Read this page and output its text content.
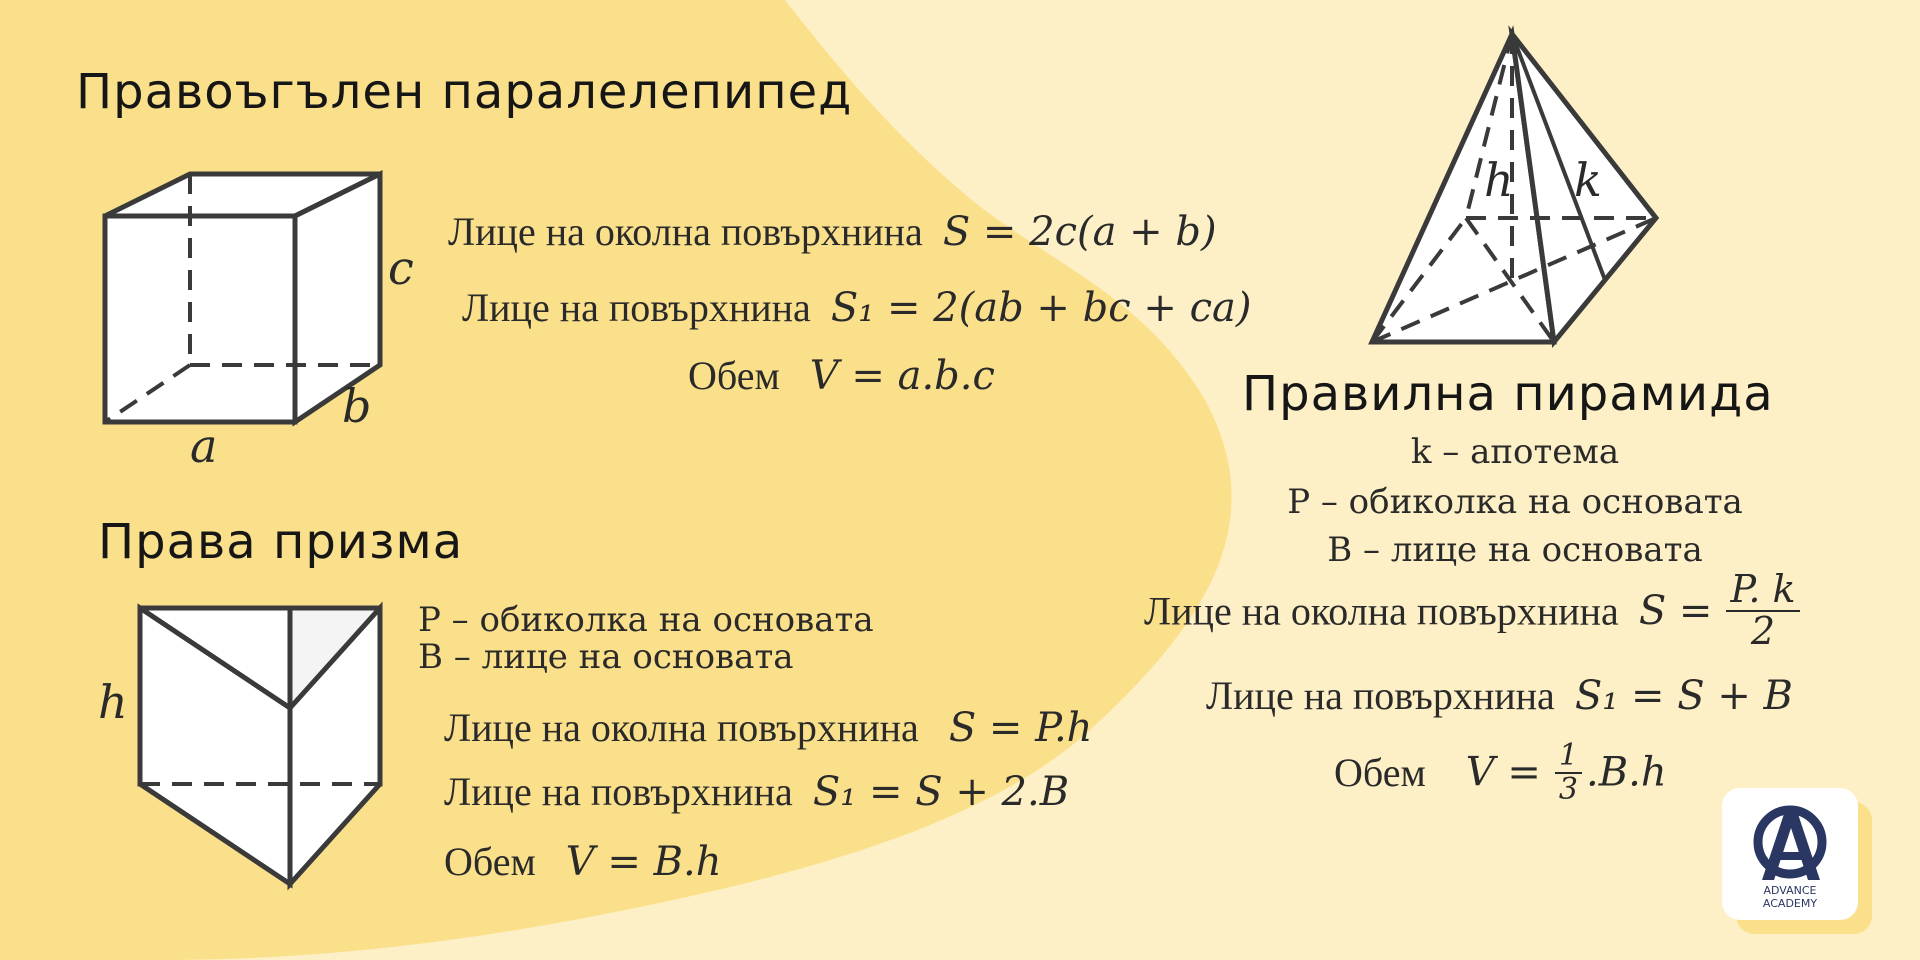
Правоъгълен паралелепипед
a
b
c
Лице на околна повърхнина S = 2c(a + b)
Лице на повърхнина S₁ = 2(ab + bc + ca)
Обем V = a.b.c
Права призма
h
P – обиколка на основата
B – лице на основата
Лице на околна повърхнина S = P.h
Лице на повърхнина S₁ = S + 2.B
Обем V = B.h
h k
Правилна пирамида
k – апотема
P – обиколка на основата
B – лице на основата
Лице на околна повърхнина $S = \frac{P. k}{2}$
Лице на повърхнина S₁ = S + B
Обем $V = \frac{1}{3} .B.h$
ADVANCE
ACADEMY
